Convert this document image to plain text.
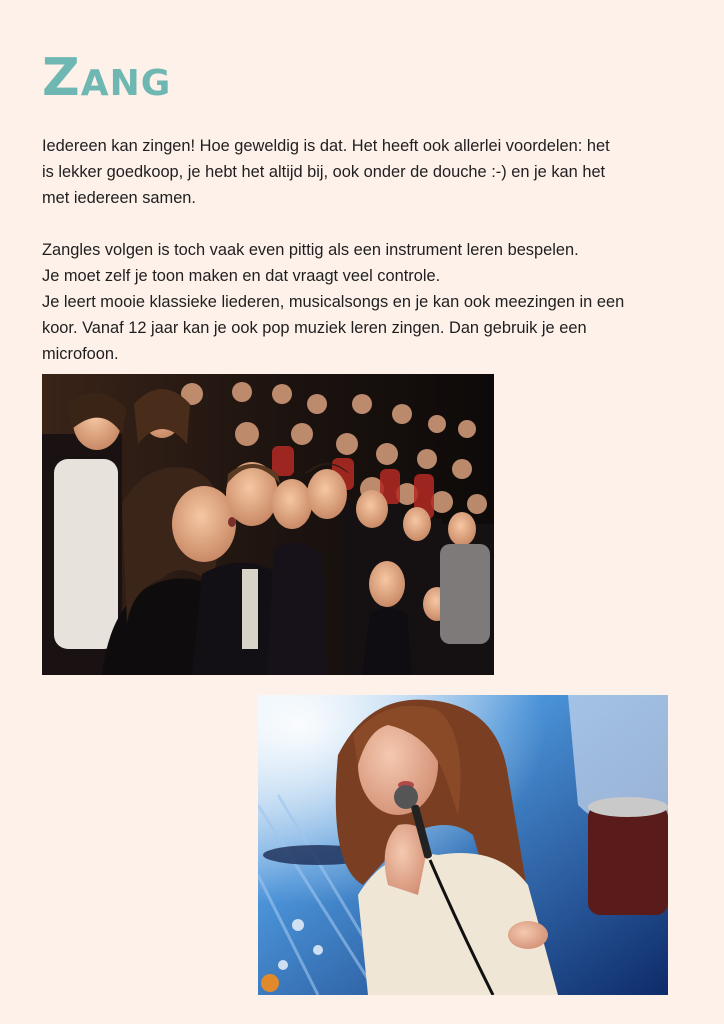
Zang

Iedereen kan zingen! Hoe geweldig is dat. Het heeft ook allerlei voordelen: het

is lekker goedkoop, je hebt het altijd bij, ook onder de douche :-) en je kan het

met iedereen samen.

Zangles volgen is toch vaak even pittig als een instrument leren bespelen.

Je moet zelf je toon maken en dat vraagt veel controle.

Je leert mooie klassieke liederen, musicalsongs en je kan ook meezingen in een

koor. Vanaf 12 jaar kan je ook pop muziek leren zingen. Dan gebruik je een

microfoon.
